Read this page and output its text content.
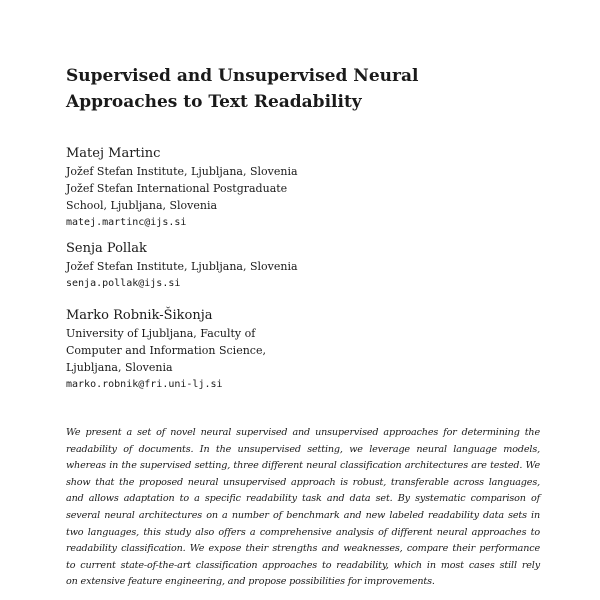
Supervised and Unsupervised Neural
Approaches to Text Readability
Matej Martinc
Jožef Stefan Institute, Ljubljana, Slovenia
Jožef Stefan International Postgraduate
School, Ljubljana, Slovenia
matej.martinc@ijs.si
Senja Pollak
Jožef Stefan Institute, Ljubljana, Slovenia
senja.pollak@ijs.si
Marko Robnik-Šikonja
University of Ljubljana, Faculty of
Computer and Information Science,
Ljubljana, Slovenia
marko.robnik@fri.uni-lj.si
We present a set of novel neural supervised and unsupervised approaches for determining the
readability of documents. In the unsupervised setting, we leverage neural language models,
whereas in the supervised setting, three different neural classification architectures are tested. We
show that the proposed neural unsupervised approach is robust, transferable across languages,
and allows adaptation to a specific readability task and data set. By systematic comparison of
several neural architectures on a number of benchmark and new labeled readability data sets in
two languages, this study also offers a comprehensive analysis of different neural approaches to
readability classification. We expose their strengths and weaknesses, compare their performance
to current state-of-the-art classification approaches to readability, which in most cases still rely
on extensive feature engineering, and propose possibilities for improvements.
